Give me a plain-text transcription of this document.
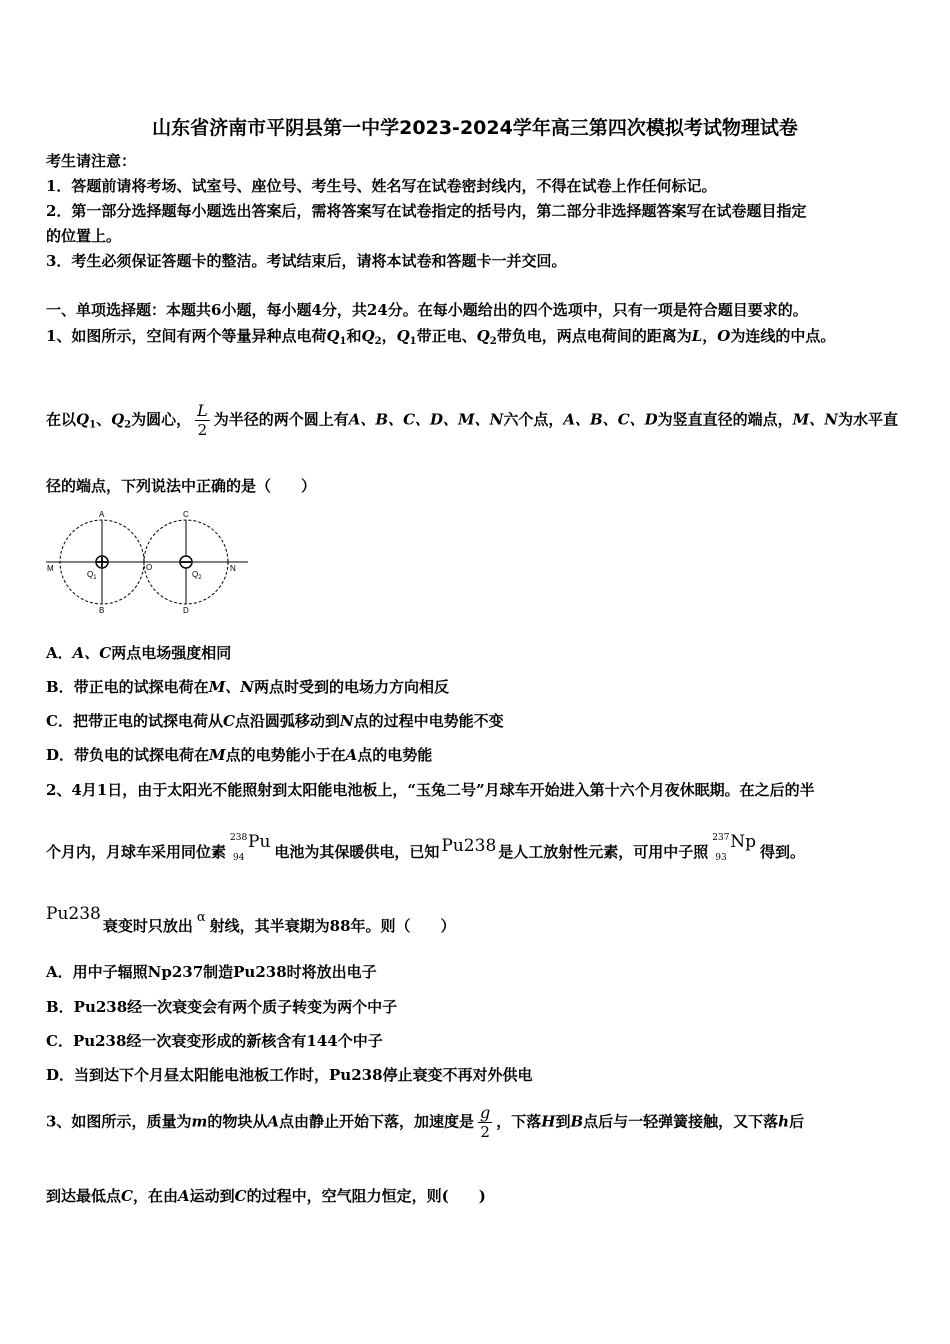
山东省济南市平阴县第一中学2023-2024学年高三第四次模拟考试物理试卷
考生请注意：
1．答题前请将考场、试室号、座位号、考生号、姓名写在试卷密封线内，不得在试卷上作任何标记。
2．第一部分选择题每小题选出答案后，需将答案写在试卷指定的括号内，第二部分非选择题答案写在试卷题目指定
的位置上。
3．考生必须保证答题卡的整洁。考试结束后，请将本试卷和答题卡一并交回。
一、单项选择题：本题共6小题，每小题4分，共24分。在每小题给出的四个选项中，只有一项是符合题目要求的。
1、如图所示，空间有两个等量异种点电荷$Q_1$和$Q_2$，$Q_1$带正电、$Q_2$带负电，两点电荷间的距离为L，O为连线的中点。
在以$Q_1$、$Q_2$为圆心， $\frac{L}{2}$ 为半径的两个圆上有A、B、C、D、M、N六个点，A、B、C、D为竖直直径的端点，M、N为水平直
径的端点，下列说法中正确的是（　　）
A
B
C
D
M	N
O
$Q_1$	$Q_2$
A．A、C两点电场强度相同
B．带正电的试探电荷在M、N两点时受到的电场力方向相反
C．把带正电的试探电荷从C点沿圆弧移动到N点的过程中电势能不变
D．带负电的试探电荷在M点的电势能小于在A点的电势能
2、4月1日，由于太阳光不能照射到太阳能电池板上，“玉兔二号”月球车开始进入第十六个月夜休眠期。在之后的半
个月内，月球车采用同位素
238
94
Pu 电池为其保暖供电，已知 Pu238 是人工放射性元素，可用中子照
237
93
Np 得到。
Pu238衰变时只放出 α 射线，其半衰期为88年。则（　　）
A．用中子辐照Np237制造Pu238时将放出电子
B．Pu238经一次衰变会有两个质子转变为两个中子
C．Pu238经一次衰变形成的新核含有144个中子
D．当到达下个月昼太阳能电池板工作时，Pu238停止衰变不再对外供电
3、如图所示，质量为m的物块从A点由静止开始下落，加速度是 $\frac{g}{2}$ ，下落H到B点后与一轻弹簧接触，又下落h后
到达最低点C，在由A运动到C的过程中，空气阻力恒定，则(　　)
